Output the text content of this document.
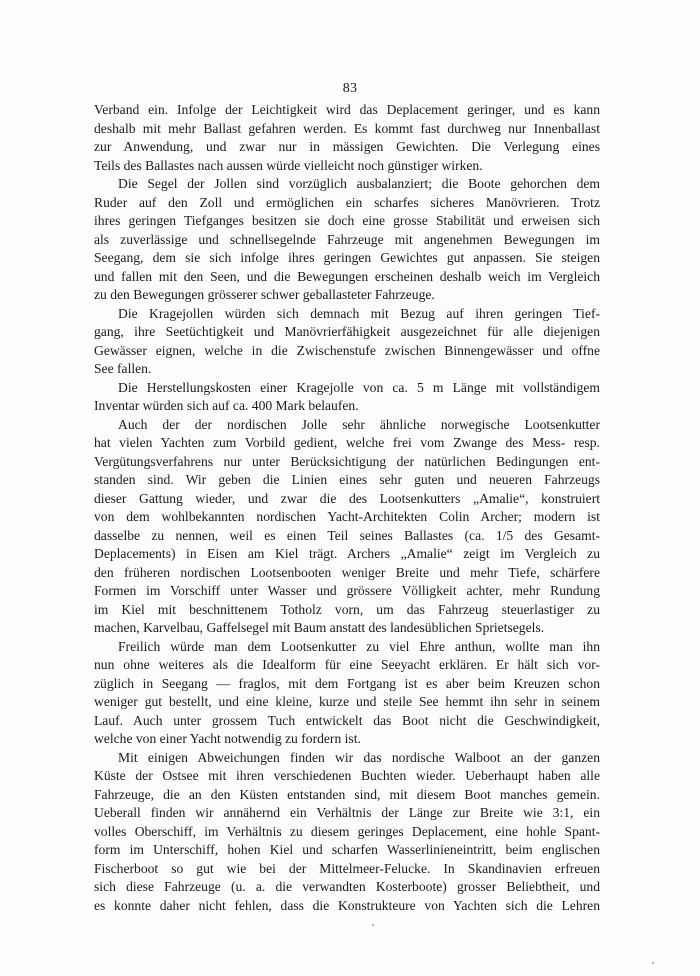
83
Verband ein. Infolge der Leichtigkeit wird das Deplacement geringer, und es kann
deshalb mit mehr Ballast gefahren werden. Es kommt fast durchweg nur Innenballast
zur Anwendung, und zwar nur in mässigen Gewichten. Die Verlegung eines
Teils des Ballastes nach aussen würde vielleicht noch günstiger wirken.
Die Segel der Jollen sind vorzüglich ausbalanziert; die Boote gehorchen dem
Ruder auf den Zoll und ermöglichen ein scharfes sicheres Manövrieren. Trotz
ihres geringen Tiefganges besitzen sie doch eine grosse Stabilität und erweisen sich
als zuverlässige und schnellsegelnde Fahrzeuge mit angenehmen Bewegungen im
Seegang, dem sie sich infolge ihres geringen Gewichtes gut anpassen. Sie steigen
und fallen mit den Seen, und die Bewegungen erscheinen deshalb weich im Vergleich
zu den Bewegungen grösserer schwer geballasteter Fahrzeuge.
Die Kragejollen würden sich demnach mit Bezug auf ihren geringen Tief-
gang, ihre Seetüchtigkeit und Manövrierfähigkeit ausgezeichnet für alle diejenigen
Gewässer eignen, welche in die Zwischenstufe zwischen Binnengewässer und offne
See fallen.
Die Herstellungskosten einer Kragejolle von ca. 5 m Länge mit vollständigem
Inventar würden sich auf ca. 400 Mark belaufen.
Auch der der nordischen Jolle sehr ähnliche norwegische Lootsenkutter
hat vielen Yachten zum Vorbild gedient, welche frei vom Zwange des Mess- resp.
Vergütungsverfahrens nur unter Berücksichtigung der natürlichen Bedingungen ent-
standen sind. Wir geben die Linien eines sehr guten und neueren Fahrzeugs
dieser Gattung wieder, und zwar die des Lootsenkutters „Amalie“, konstruiert
von dem wohlbekannten nordischen Yacht-Architekten Colin Archer; modern ist
dasselbe zu nennen, weil es einen Teil seines Ballastes (ca. 1/5 des Gesamt-
Deplacements) in Eisen am Kiel trägt. Archers „Amalie“ zeigt im Vergleich zu
den früheren nordischen Lootsenbooten weniger Breite und mehr Tiefe, schärfere
Formen im Vorschiff unter Wasser und grössere Völligkeit achter, mehr Rundung
im Kiel mit beschnittenem Totholz vorn, um das Fahrzeug steuerlastiger zu
machen, Karvelbau, Gaffelsegel mit Baum anstatt des landesüblichen Sprietsegels.
Freilich würde man dem Lootsenkutter zu viel Ehre anthun, wollte man ihn
nun ohne weiteres als die Idealform für eine Seeyacht erklären. Er hält sich vor-
züglich in Seegang — fraglos, mit dem Fortgang ist es aber beim Kreuzen schon
weniger gut bestellt, und eine kleine, kurze und steile See hemmt ihn sehr in seinem
Lauf. Auch unter grossem Tuch entwickelt das Boot nicht die Geschwindigkeit,
welche von einer Yacht notwendig zu fordern ist.
Mit einigen Abweichungen finden wir das nordische Walboot an der ganzen
Küste der Ostsee mit ihren verschiedenen Buchten wieder. Ueberhaupt haben alle
Fahrzeuge, die an den Küsten entstanden sind, mit diesem Boot manches gemein.
Ueberall finden wir annähernd ein Verhältnis der Länge zur Breite wie 3:1, ein
volles Oberschiff, im Verhältnis zu diesem geringes Deplacement, eine hohle Spant-
form im Unterschiff, hohen Kiel und scharfen Wasserlinieneintritt, beim englischen
Fischerboot so gut wie bei der Mittelmeer-Felucke. In Skandinavien erfreuen
sich diese Fahrzeuge (u. a. die verwandten Kosterboote) grosser Beliebtheit, und
es konnte daher nicht fehlen, dass die Konstrukteure von Yachten sich die Lehren
